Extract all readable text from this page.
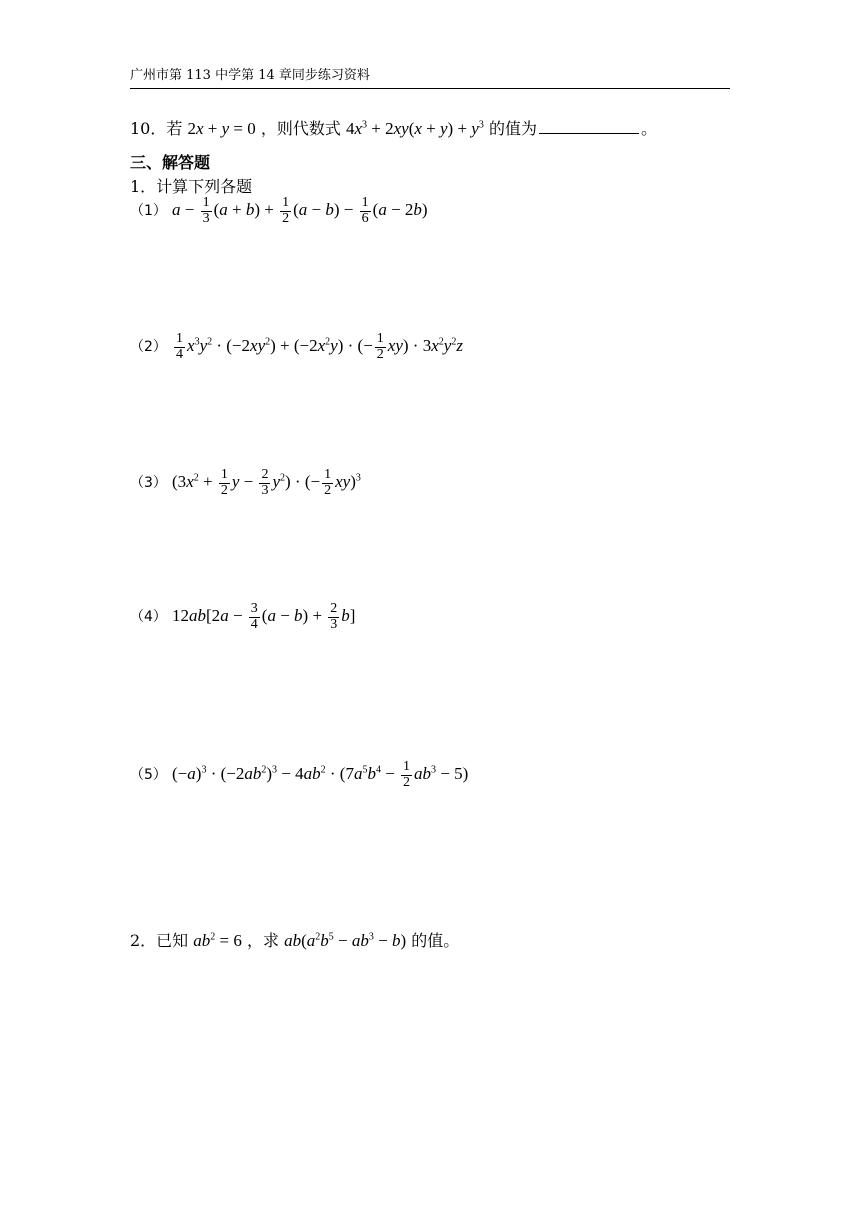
广州市第 113 中学第 14 章同步练习资料
10．若 2x + y = 0 ，则代数式 $4x^3 + 2xy(x + y) + y^3$ 的值为	。
三、解答题
1．计算下列各题
（1） $a - \frac{1}{3} (a + b) + \frac{1}{2} (a - b) - \frac{1}{6} (a - 2b)$
$(2) \frac{1}{4} x^3y^2 \cdot (-2xy^2) + (-2x^2y)$ · (− $\frac{1}{2} xy) \cdot 3x^2y^2z$
（3） ($3x^2 + \frac{1}{2}$ $y - \frac{2}{3} y^2$) · (− $\frac{1}{2} xy)^3$
（4） $12ab[2a - \frac{3}{4} (a - b) + \frac{2}{3} b]$
（5） $(-a)^3 \cdot (-2ab^2)^3 - 4ab^2 \cdot (7a^5b^4 - \frac{1}{2} ab^3 - 5)$
2．已知 $ab^2 = 6$ ，求 $ab(a^2b^5 - ab^3 - b)$ 的值。
